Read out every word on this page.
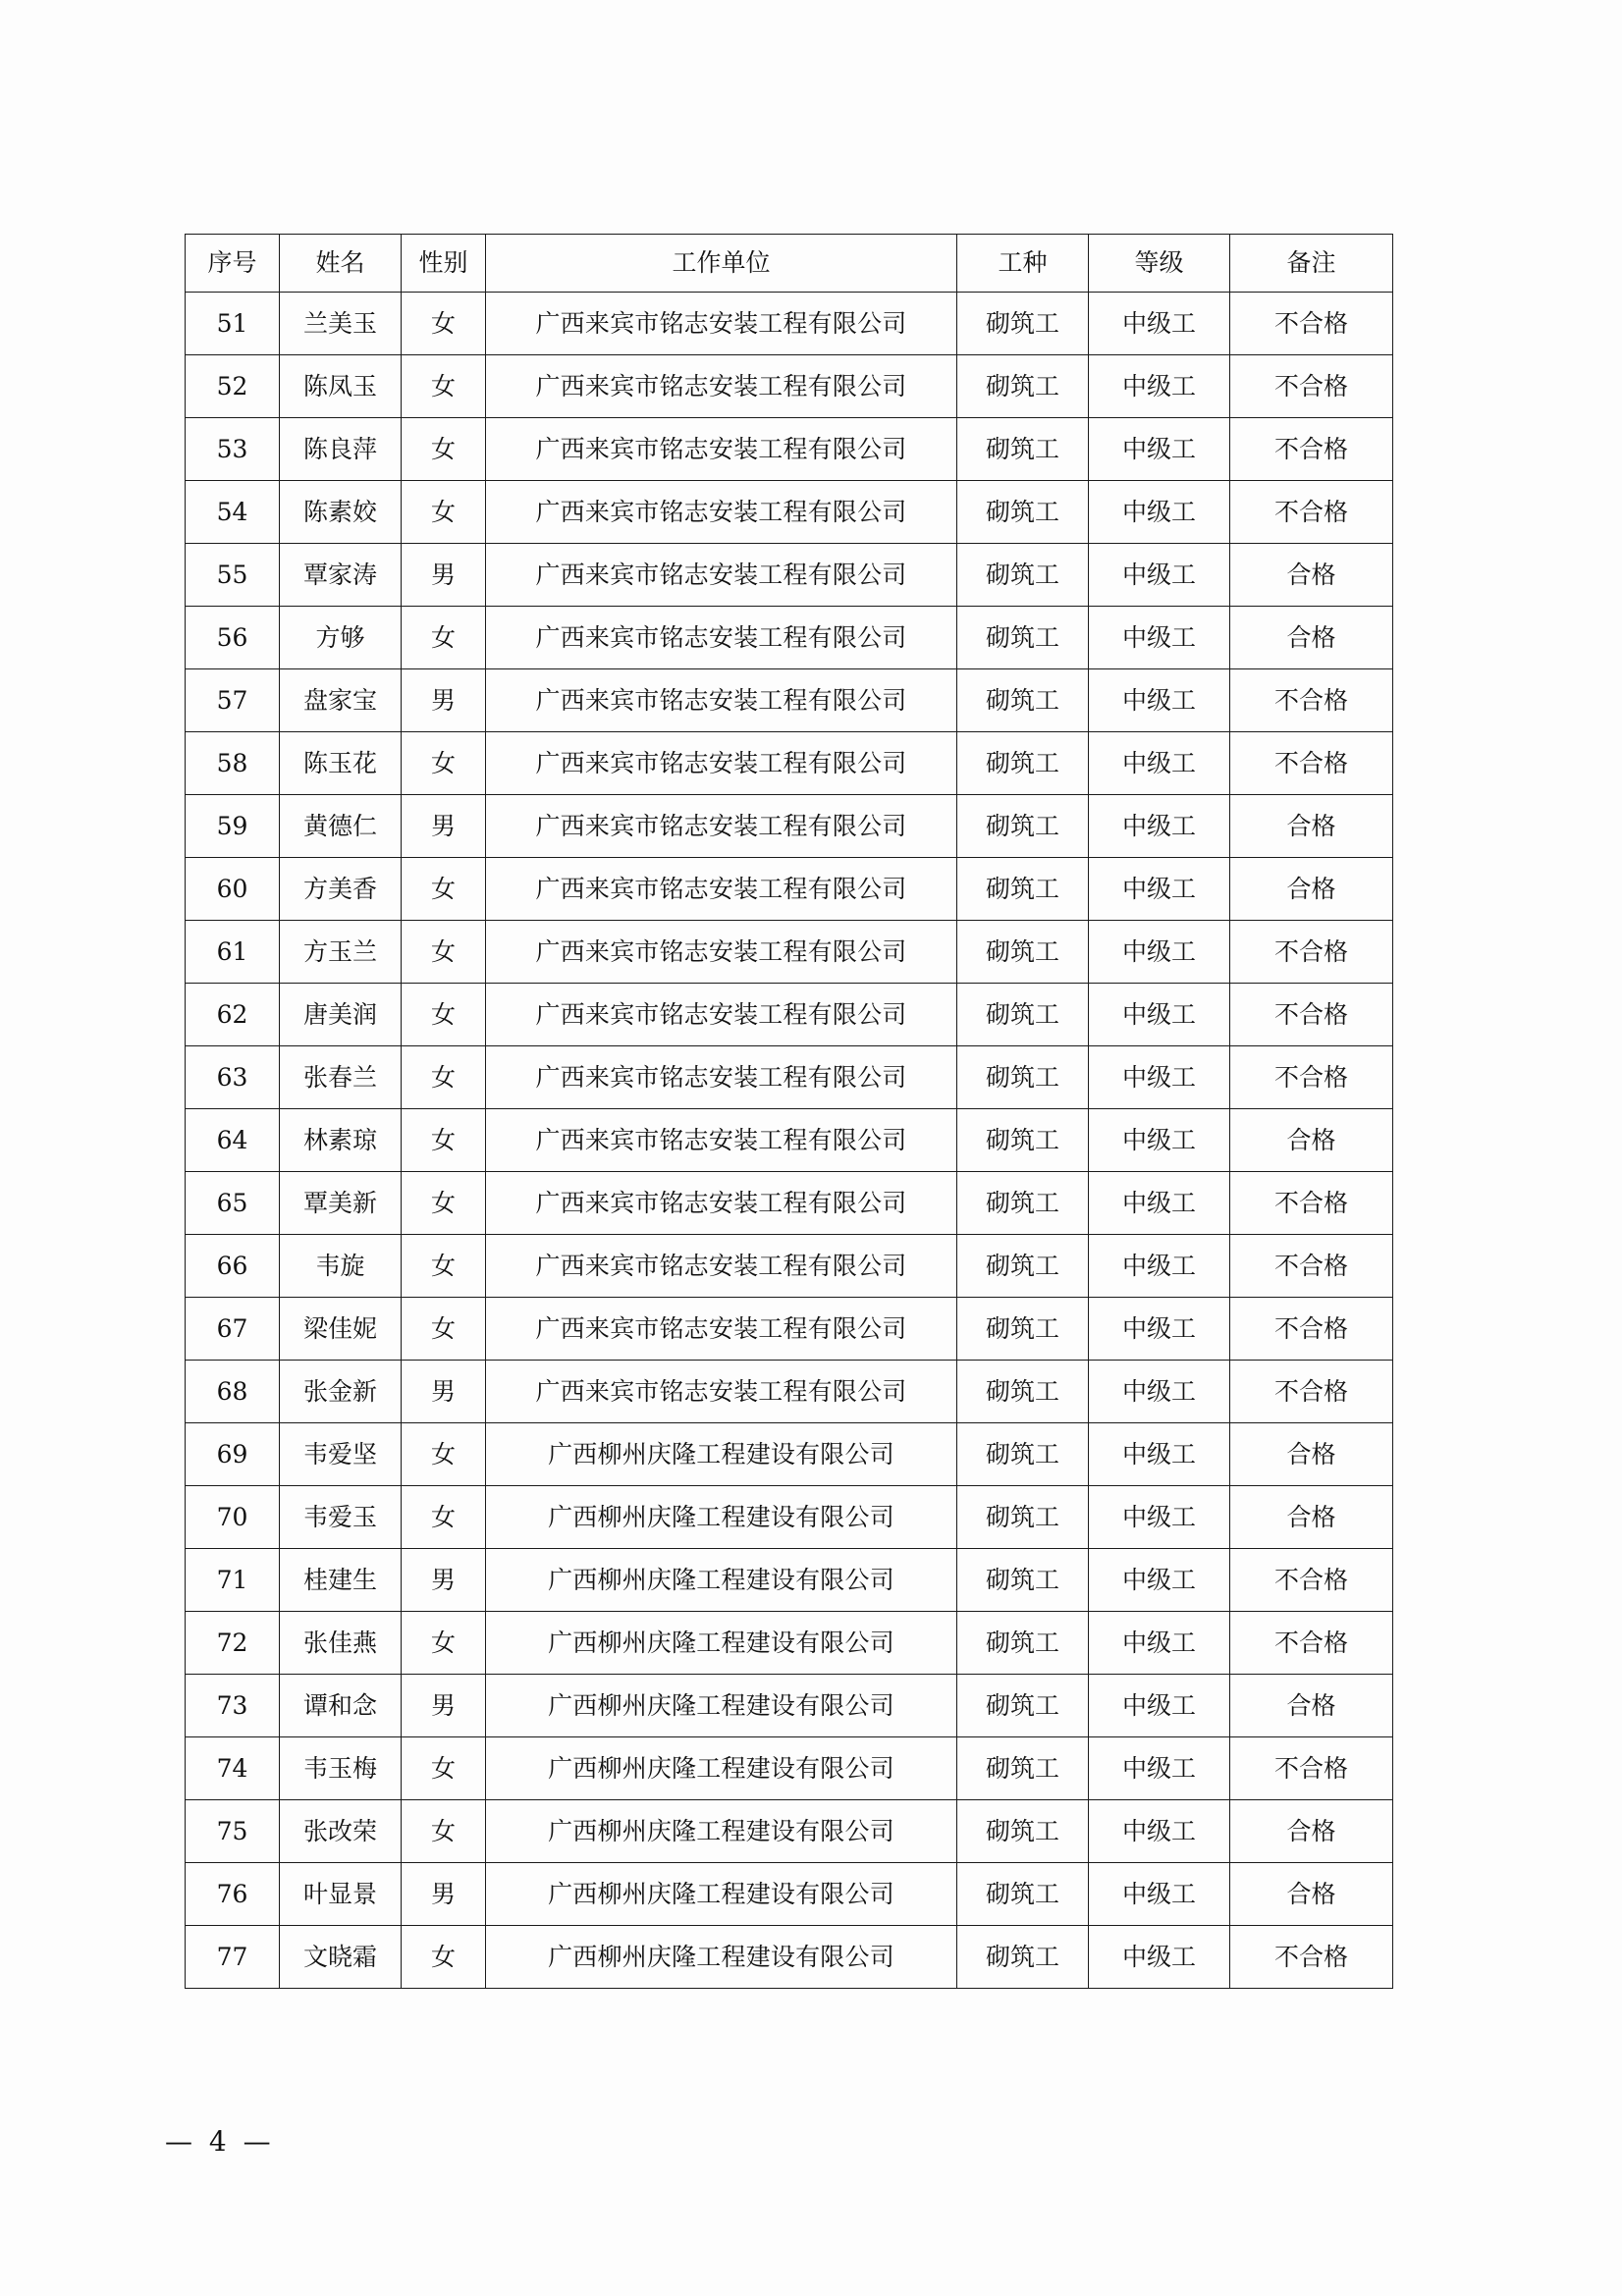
序号	姓名	性别	工作单位	工种	等级	备注
51	兰美玉	女	广西来宾市铭志安装工程有限公司	砌筑工	中级工	不合格
52	陈凤玉	女	广西来宾市铭志安装工程有限公司	砌筑工	中级工	不合格
53	陈良萍	女	广西来宾市铭志安装工程有限公司	砌筑工	中级工	不合格
54	陈素姣	女	广西来宾市铭志安装工程有限公司	砌筑工	中级工	不合格
55	覃家涛	男	广西来宾市铭志安装工程有限公司	砌筑工	中级工	合格
56	方够	女	广西来宾市铭志安装工程有限公司	砌筑工	中级工	合格
57	盘家宝	男	广西来宾市铭志安装工程有限公司	砌筑工	中级工	不合格
58	陈玉花	女	广西来宾市铭志安装工程有限公司	砌筑工	中级工	不合格
59	黄德仁	男	广西来宾市铭志安装工程有限公司	砌筑工	中级工	合格
60	方美香	女	广西来宾市铭志安装工程有限公司	砌筑工	中级工	合格
61	方玉兰	女	广西来宾市铭志安装工程有限公司	砌筑工	中级工	不合格
62	唐美润	女	广西来宾市铭志安装工程有限公司	砌筑工	中级工	不合格
63	张春兰	女	广西来宾市铭志安装工程有限公司	砌筑工	中级工	不合格
64	林素琼	女	广西来宾市铭志安装工程有限公司	砌筑工	中级工	合格
65	覃美新	女	广西来宾市铭志安装工程有限公司	砌筑工	中级工	不合格
66	韦旋	女	广西来宾市铭志安装工程有限公司	砌筑工	中级工	不合格
67	梁佳妮	女	广西来宾市铭志安装工程有限公司	砌筑工	中级工	不合格
68	张金新	男	广西来宾市铭志安装工程有限公司	砌筑工	中级工	不合格
69	韦爱坚	女	广西柳州庆隆工程建设有限公司	砌筑工	中级工	合格
70	韦爱玉	女	广西柳州庆隆工程建设有限公司	砌筑工	中级工	合格
71	桂建生	男	广西柳州庆隆工程建设有限公司	砌筑工	中级工	不合格
72	张佳燕	女	广西柳州庆隆工程建设有限公司	砌筑工	中级工	不合格
73	谭和念	男	广西柳州庆隆工程建设有限公司	砌筑工	中级工	合格
74	韦玉梅	女	广西柳州庆隆工程建设有限公司	砌筑工	中级工	不合格
75	张改荣	女	广西柳州庆隆工程建设有限公司	砌筑工	中级工	合格
76	叶显景	男	广西柳州庆隆工程建设有限公司	砌筑工	中级工	合格
77	文晓霜	女	广西柳州庆隆工程建设有限公司	砌筑工	中级工	不合格
— 4 —
